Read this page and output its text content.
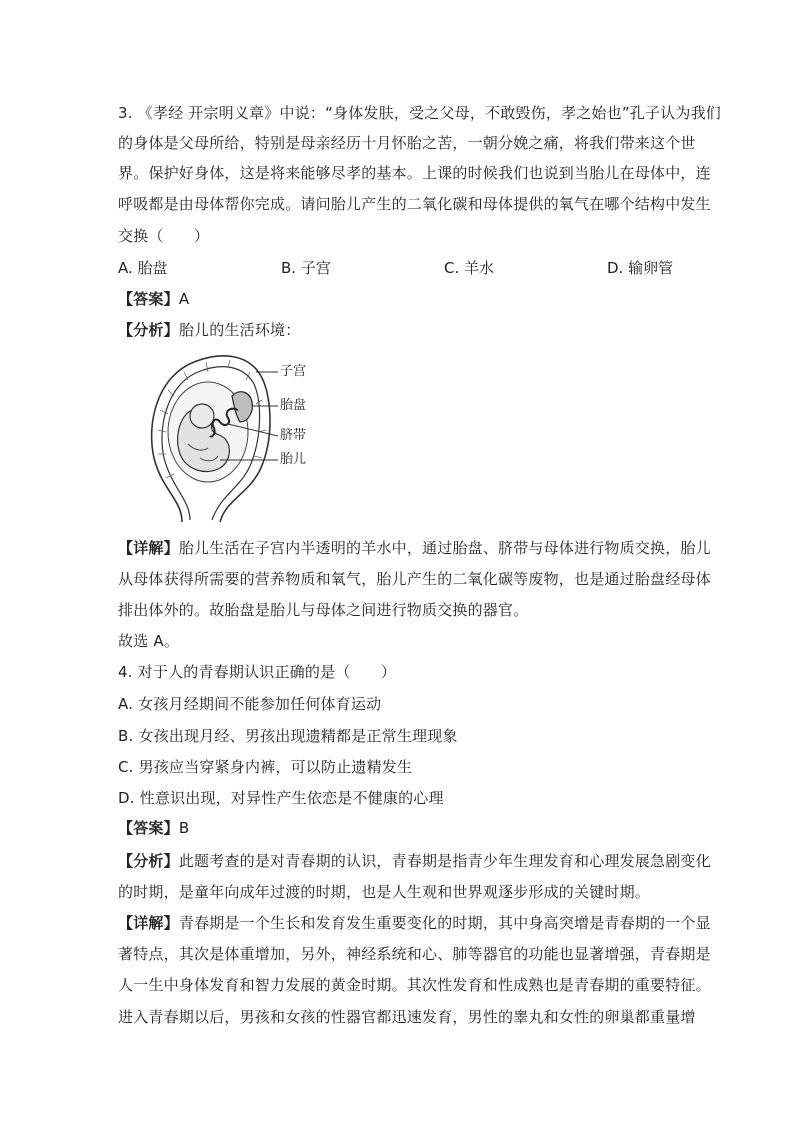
3. 《孝经 开宗明义章》中说：“身体发肤，受之父母，不敢毁伤，孝之始也”孔子认为我们
的身体是父母所给，特别是母亲经历十月怀胎之苦，一朝分娩之痛，将我们带来这个世
界。保护好身体，这是将来能够尽孝的基本。上课的时候我们也说到当胎儿在母体中，连
呼吸都是由母体帮你完成。请问胎儿产生的二氧化碳和母体提供的氧气在哪个结构中发生
交换（　　）
A. 胎盘	B. 子宫	C. 羊水	D. 输卵管
【答案】A
【分析】胎儿的生活环境：
子宫
胎盘
脐带
胎儿
【详解】胎儿生活在子宫内半透明的羊水中，通过胎盘、脐带与母体进行物质交换，胎儿
从母体获得所需要的营养物质和氧气，胎儿产生的二氧化碳等废物，也是通过胎盘经母体
排出体外的。故胎盘是胎儿与母体之间进行物质交换的器官。
故选 A。
4. 对于人的青春期认识正确的是（　　）
A. 女孩月经期间不能参加任何体育运动
B. 女孩出现月经、男孩出现遗精都是正常生理现象
C. 男孩应当穿紧身内裤，可以防止遗精发生
D. 性意识出现，对异性产生依恋是不健康的心理
【答案】B
【分析】此题考查的是对青春期的认识，青春期是指青少年生理发育和心理发展急剧变化
的时期，是童年向成年过渡的时期，也是人生观和世界观逐步形成的关键时期。
【详解】青春期是一个生长和发育发生重要变化的时期，其中身高突增是青春期的一个显
著特点，其次是体重增加，另外，神经系统和心、肺等器官的功能也显著增强，青春期是
人一生中身体发育和智力发展的黄金时期。其次性发育和性成熟也是青春期的重要特征。
进入青春期以后，男孩和女孩的性器官都迅速发育，男性的睾丸和女性的卵巢都重量增
